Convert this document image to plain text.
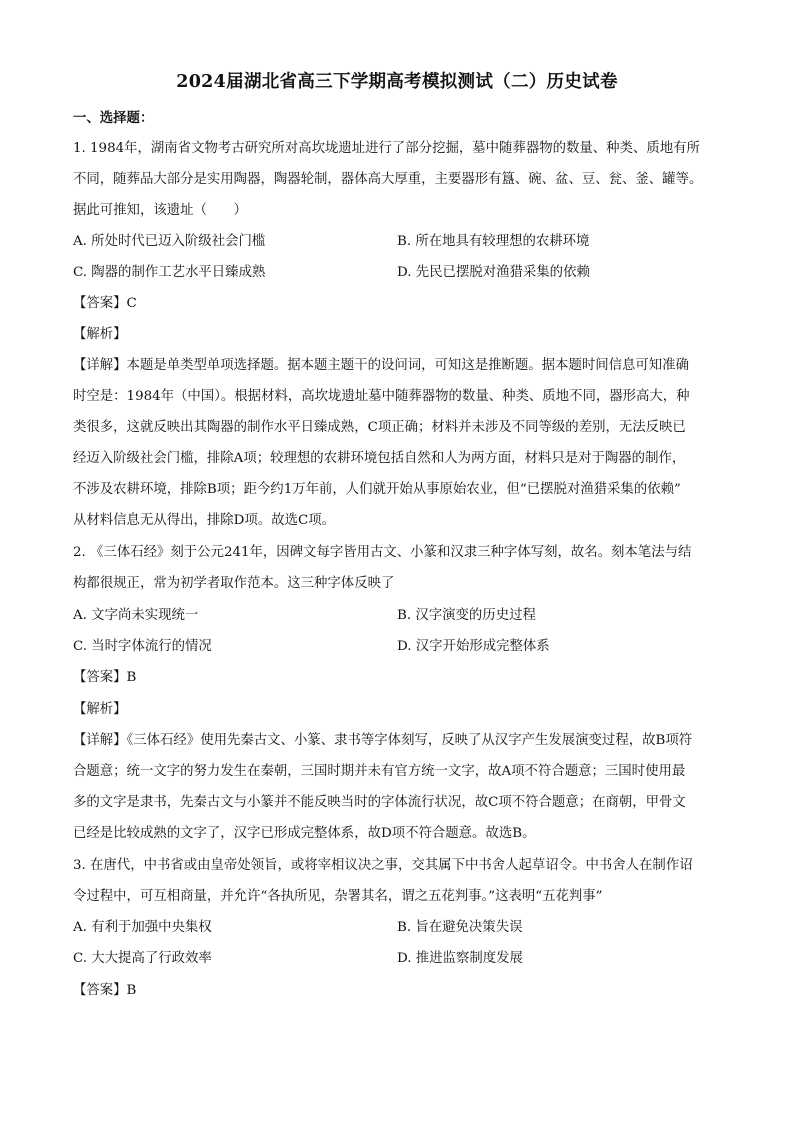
2024届湖北省高三下学期高考模拟测试（二）历史试卷
一、选择题：
1. 1984年，湖南省文物考古研究所对高坎垅遗址进行了部分挖掘，墓中随葬器物的数量、种类、质地有所
不同，随葬品大部分是实用陶器，陶器轮制，器体高大厚重，主要器形有簋、碗、盆、豆、瓮、釜、罐等。
据此可推知，该遗址（　　）
A. 所处时代已迈入阶级社会门槛	B. 所在地具有较理想的农耕环境
C. 陶器的制作工艺水平日臻成熟	D. 先民已摆脱对渔猎采集的依赖
【答案】C
【解析】
【详解】本题是单类型单项选择题。据本题主题干的设问词，可知这是推断题。据本题时间信息可知准确
时空是：1984年（中国）。根据材料，高坎垅遗址墓中随葬器物的数量、种类、质地不同，器形高大，种
类很多，这就反映出其陶器的制作水平日臻成熟，C项正确；材料并未涉及不同等级的差别，无法反映已
经迈入阶级社会门槛，排除A项；较理想的农耕环境包括自然和人为两方面，材料只是对于陶器的制作，
不涉及农耕环境，排除B项；距今约1万年前，人们就开始从事原始农业，但“已摆脱对渔猎采集的依赖”
从材料信息无从得出，排除D项。故选C项。
2. 《三体石经》刻于公元241年，因碑文每字皆用古文、小篆和汉隶三种字体写刻，故名。刻本笔法与结
构都很规正，常为初学者取作范本。这三种字体反映了
A. 文字尚未实现统一	B. 汉字演变的历史过程
C. 当时字体流行的情况	D. 汉字开始形成完整体系
【答案】B
【解析】
【详解】《三体石经》使用先秦古文、小篆、隶书等字体刻写，反映了从汉字产生发展演变过程，故B项符
合题意；统一文字的努力发生在秦朝，三国时期并未有官方统一文字，故A项不符合题意；三国时使用最
多的文字是隶书，先秦古文与小篆并不能反映当时的字体流行状况，故C项不符合题意；在商朝，甲骨文
已经是比较成熟的文字了，汉字已形成完整体系，故D项不符合题意。故选B。
3. 在唐代，中书省或由皇帝处领旨，或将宰相议决之事，交其属下中书舍人起草诏令。中书舍人在制作诏
令过程中，可互相商量，并允许“各执所见，杂署其名，谓之五花判事。”这表明“五花判事”
A. 有利于加强中央集权	B. 旨在避免决策失误
C. 大大提高了行政效率	D. 推进监察制度发展
【答案】B
